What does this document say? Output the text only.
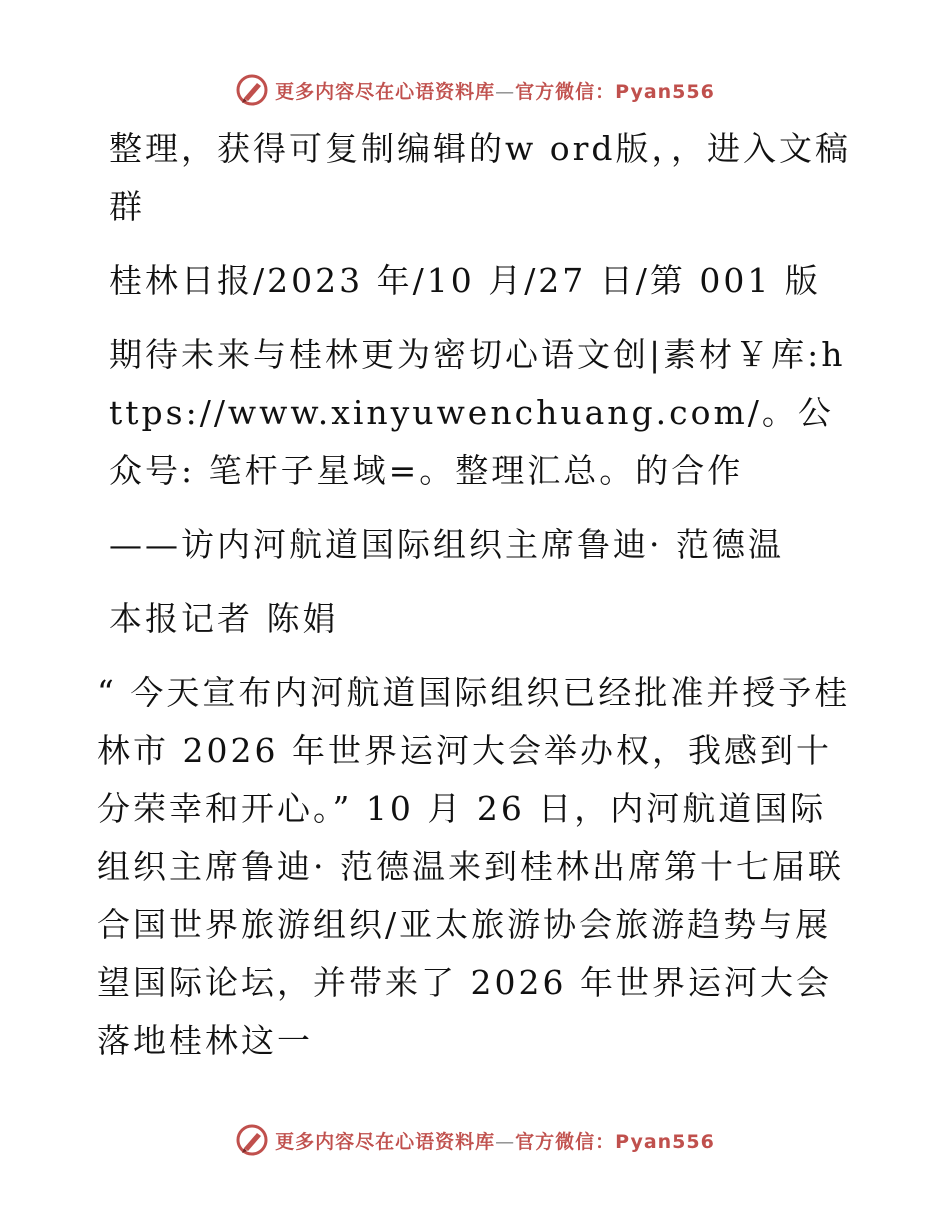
更多内容尽在心语资料库—官方微信：Pyan556

整理，获得可复制编辑的w ord版，，进入文稿群

桂林日报/2023 年/10 月/27 日/第 001 版

期待未来与桂林更为密切心语文创|素材￥库:https://www.xinyuwenchuang.com/。公众号: 笔杆子星域=。整理汇总。的合作

——访内河航道国际组织主席鲁迪· 范德温

本报记者 陈娟

“ 今天宣布内河航道国际组织已经批准并授予桂林市 2026 年世界运河大会举办权，我感到十分荣幸和开心。” 10 月 26 日，内河航道国际组织主席鲁迪· 范德温来到桂林出席第十七届联合国世界旅游组织/亚太旅游协会旅游趋势与展望国际论坛，并带来了 2026 年世界运河大会落地桂林这一

更多内容尽在心语资料库—官方微信：Pyan556
